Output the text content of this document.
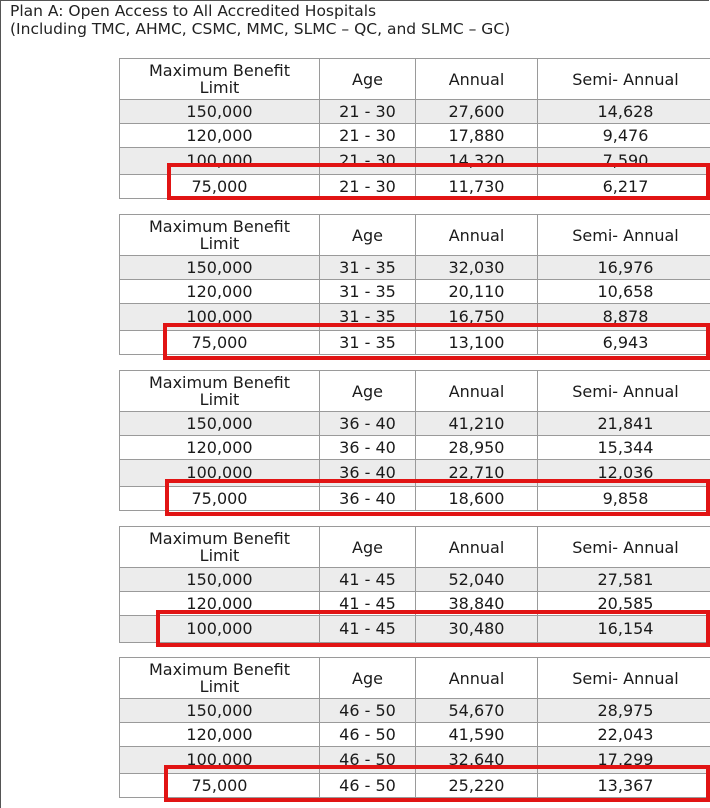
Plan A: Open Access to All Accredited Hospitals
(Including TMC, AHMC, CSMC, MMC, SLMC – QC, and SLMC – GC)
Maximum Benefit
Limit	Age	Annual	Semi- Annual
150,000	21 - 30	27,600	14,628
120,000	21 - 30	17,880	9,476
100,000	21 - 30	14,320	7,590
75,000	21 - 30	11,730	6,217
Maximum Benefit
Limit	Age	Annual	Semi- Annual
150,000	31 - 35	32,030	16,976
120,000	31 - 35	20,110	10,658
100,000	31 - 35	16,750	8,878
75,000	31 - 35	13,100	6,943
Maximum Benefit
Limit	Age	Annual	Semi- Annual
150,000	36 - 40	41,210	21,841
120,000	36 - 40	28,950	15,344
100,000	36 - 40	22,710	12,036
75,000	36 - 40	18,600	9,858
Maximum Benefit
Limit	Age	Annual	Semi- Annual
150,000	41 - 45	52,040	27,581
120,000	41 - 45	38,840	20,585
100,000	41 - 45	30,480	16,154
Maximum Benefit
Limit	Age	Annual	Semi- Annual
150,000	46 - 50	54,670	28,975
120,000	46 - 50	41,590	22,043
100,000	46 - 50	32,640	17,299
75,000	46 - 50	25,220	13,367
